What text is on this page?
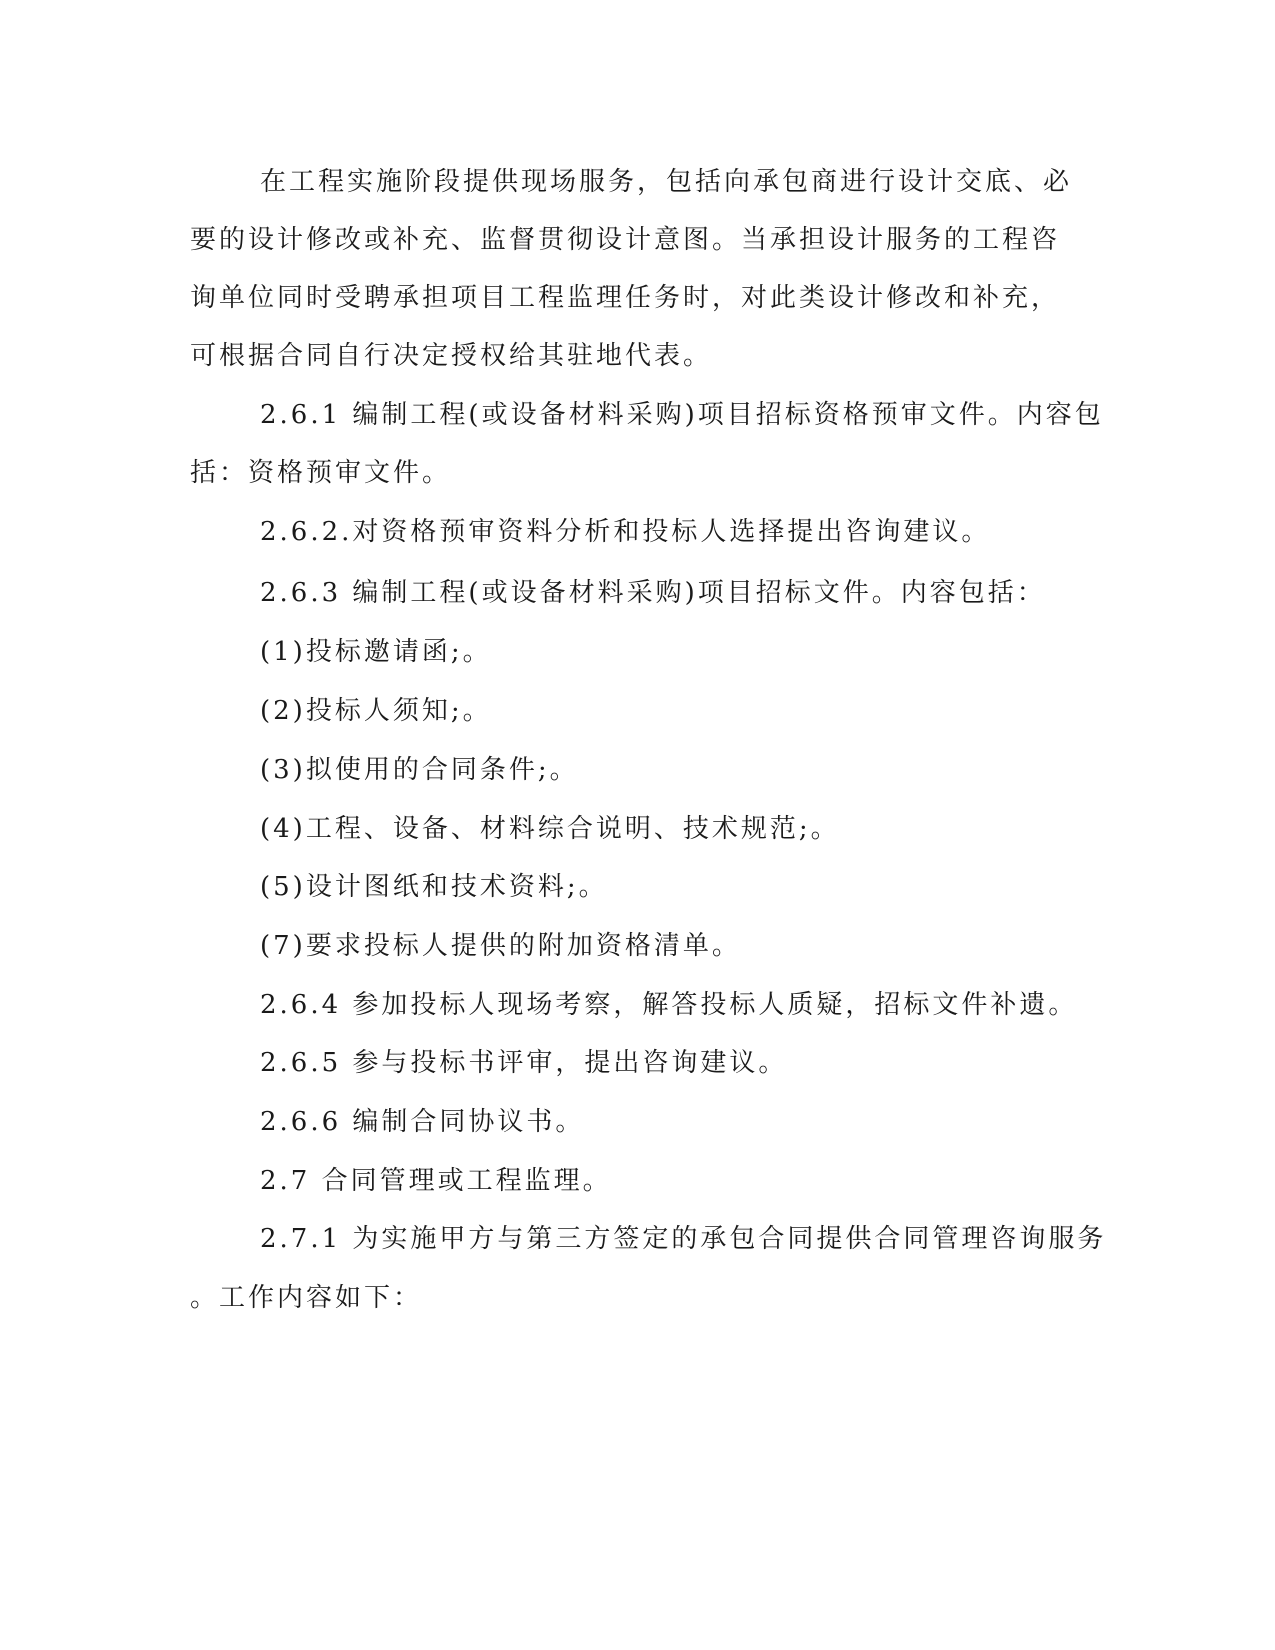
在工程实施阶段提供现场服务，包括向承包商进行设计交底、必
要的设计修改或补充、监督贯彻设计意图。当承担设计服务的工程咨
询单位同时受聘承担项目工程监理任务时，对此类设计修改和补充，
可根据合同自行决定授权给其驻地代表。
2.6.1 编制工程(或设备材料采购)项目招标资格预审文件。内容包
括：资格预审文件。
2.6.2.对资格预审资料分析和投标人选择提出咨询建议。
2.6.3 编制工程(或设备材料采购)项目招标文件。内容包括：
(1)投标邀请函;。
(2)投标人须知;。
(3)拟使用的合同条件;。
(4)工程、设备、材料综合说明、技术规范;。
(5)设计图纸和技术资料;。
(7)要求投标人提供的附加资格清单。
2.6.4 参加投标人现场考察，解答投标人质疑，招标文件补遗。
2.6.5 参与投标书评审，提出咨询建议。
2.6.6 编制合同协议书。
2.7 合同管理或工程监理。
2.7.1 为实施甲方与第三方签定的承包合同提供合同管理咨询服务
。工作内容如下：
